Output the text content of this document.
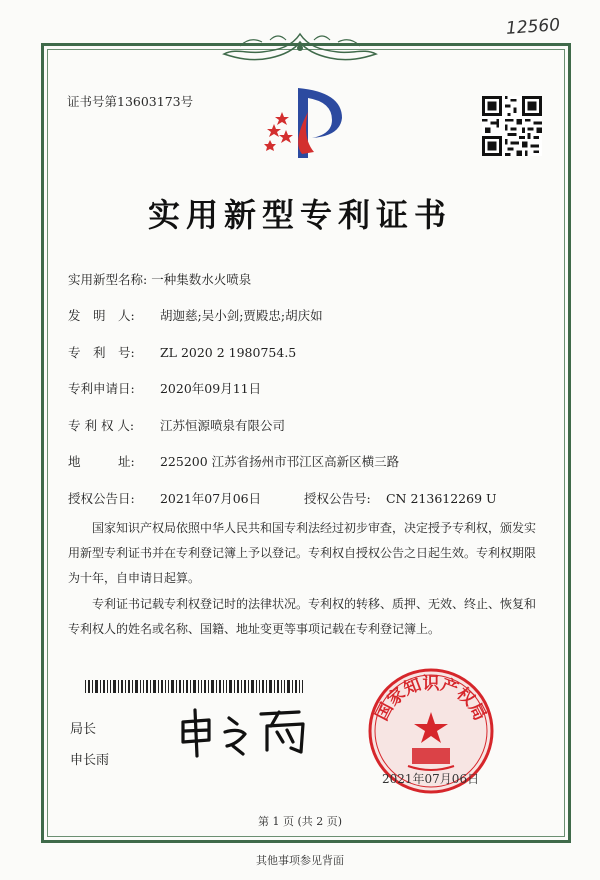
12560
证书号第13603173号
实用新型专利证书
实用新型名称: 一种集数水火喷泉
发　明　人: 胡迦慈;吴小剑;贾殿忠;胡庆如
专　利　号: ZL 2020 2 1980754.5
专利申请日: 2020年09月11日
专 利 权 人: 江苏恒源喷泉有限公司
地　　　址: 225200 江苏省扬州市邗江区高新区横三路
授权公告日: 2021年07月06日	授权公告号: CN 213612269 U
国家知识产权局依照中华人民共和国专利法经过初步审查，决定授予专利权，颁发实用新型专利证书并在专利登记簿上予以登记。专利权自授权公告之日起生效。专利权期限为十年，自申请日起算。
专利证书记载专利权登记时的法律状况。专利权的转移、质押、无效、终止、恢复和专利权人的姓名或名称、国籍、地址变更等事项记载在专利登记簿上。
局长
申长雨
国家知识产权局
2021年07月06日
第 1 页 (共 2 页)
其他事项参见背面
